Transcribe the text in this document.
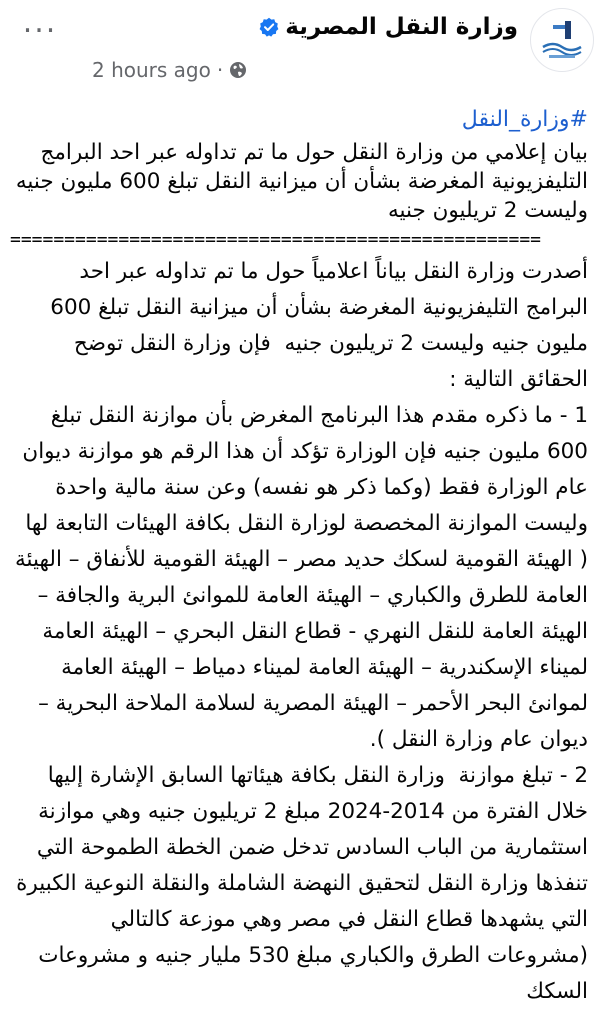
...	وزارة النقل المصرية
2 hours ago ·
#وزارة_النقل
بيان إعلامي من وزارة النقل حول ما تم تداوله عبر احد البرامج التليفزيونية المغرضة بشأن أن ميزانية النقل تبلغ 600 مليون جنيه وليست 2 تريليون جنيه
=================================================
أصدرت وزارة النقل بياناً اعلامياً حول ما تم تداوله عبر احد البرامج التليفزيونية المغرضة بشأن أن ميزانية النقل تبلغ 600 مليون جنيه وليست 2 تريليون جنيه  فإن وزارة النقل توضح الحقائق التالية :
1 - ما ذكره مقدم هذا البرنامج المغرض بأن موازنة النقل تبلغ 600 مليون جنيه فإن الوزارة تؤكد أن هذا الرقم هو موازنة ديوان عام الوزارة فقط (وكما ذكر هو نفسه) وعن سنة مالية واحدة وليست الموازنة المخصصة لوزارة النقل بكافة الهيئات التابعة لها ( الهيئة القومية لسكك حديد مصر – الهيئة القومية للأنفاق – الهيئة العامة للطرق والكباري – الهيئة العامة للموانئ البرية والجافة – الهيئة العامة للنقل النهري - قطاع النقل البحري – الهيئة العامة لميناء الإسكندرية – الهيئة العامة لميناء دمياط – الهيئة العامة لموانئ البحر الأحمر – الهيئة المصرية لسلامة الملاحة البحرية – ديوان عام وزارة النقل ).
2 - تبلغ موازنة  وزارة النقل بكافة هيئاتها السابق الإشارة إليها خلال الفترة من 2014-2024 مبلغ 2 تريليون جنيه وهي موازنة استثمارية من الباب السادس تدخل ضمن الخطة الطموحة التي تنفذها وزارة النقل لتحقيق النهضة الشاملة والنقلة النوعية الكبيرة التي يشهدها قطاع النقل في مصر وهي موزعة كالتالي (مشروعات الطرق والكباري مبلغ 530 مليار جنيه و مشروعات السكك
